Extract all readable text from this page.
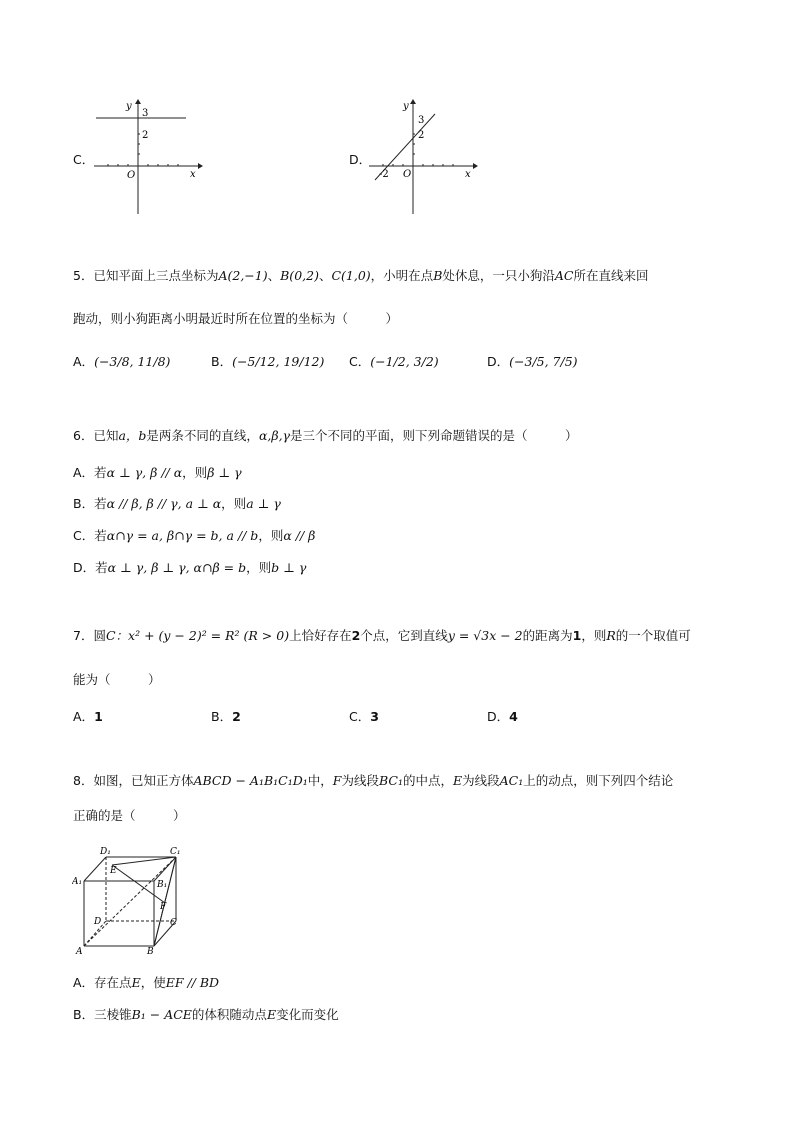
C．
y
3
2
O	x
D．
y
3
2
-2 O	x
5．已知平面上三点坐标为A(2,−1)、B(0,2)、C(1,0)，小明在点B处休息，一只小狗沿AC所在直线来回
跑动，则小狗距离小明最近时所在位置的坐标为（　　　）
A．(−3/8, 11/8)	B．(−5/12, 19/12) C．(−1/2, 3/2)	D．(−3/5, 7/5)
6．已知a，b是两条不同的直线，α,β,γ是三个不同的平面，则下列命题错误的是（　　　）
A．若α ⊥ γ, β // α，则β ⊥ γ
B．若α // β, β // γ, a ⊥ α，则a ⊥ γ
C．若α∩γ = a, β∩γ = b, a // b，则α // β
D．若α ⊥ γ, β ⊥ γ, α∩β = b，则b ⊥ γ
7．圆C：x² + (y − 2)² = R² (R > 0)上恰好存在2个点，它到直线y = √3x − 2的距离为1，则R的一个取值可
能为（　　　）
A．1	B．2	C．3	D．4
8．如图，已知正方体ABCD − A₁B₁C₁D₁中，F为线段BC₁的中点，E为线段AC₁上的动点，则下列四个结论
正确的是（　　　）
D₁	C₁
A₁	B₁
E
F
D	C
A	B
A．存在点E，使EF // BD
B．三棱锥B₁ − ACE的体积随动点E变化而变化
